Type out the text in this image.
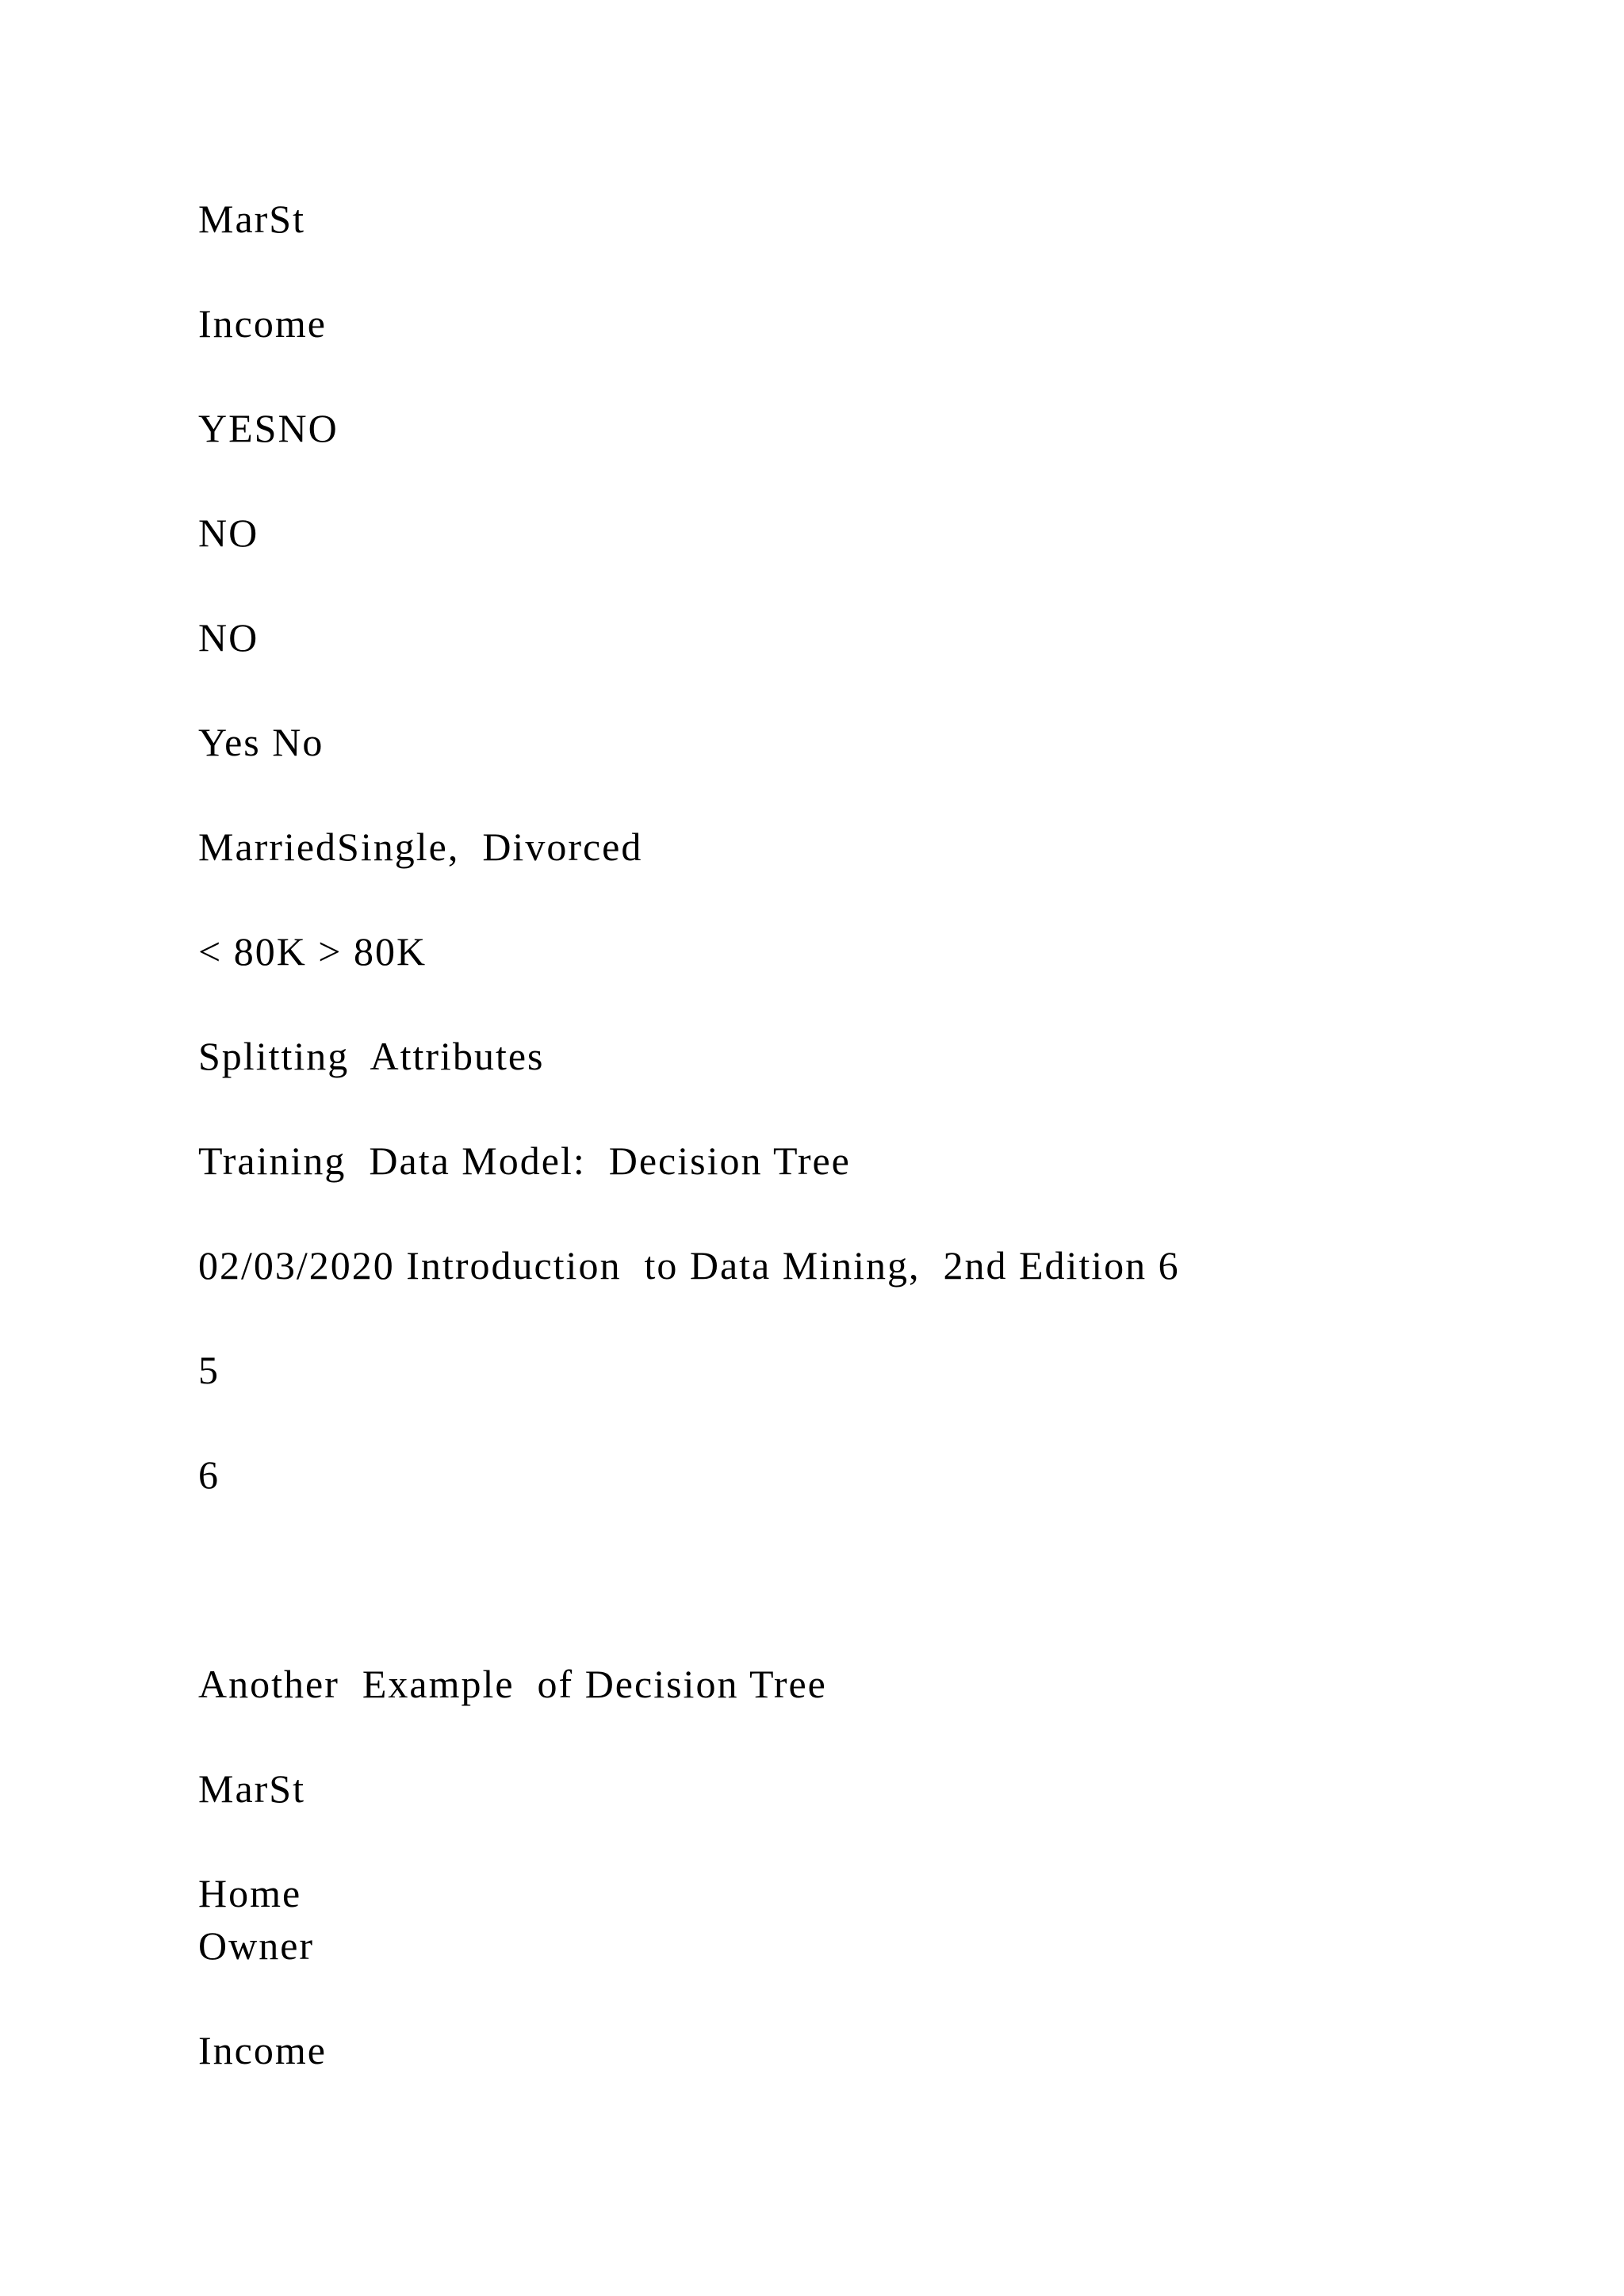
MarSt

Income

YESNO

NO

NO

Yes No

MarriedSingle,  Divorced

< 80K > 80K

Splitting  Attributes

Training  Data Model:  Decision Tree

02/03/2020 Introduction  to Data Mining,  2nd Edition 6

5

6

Another  Example  of Decision Tree

MarSt

Home

Owner

Income
